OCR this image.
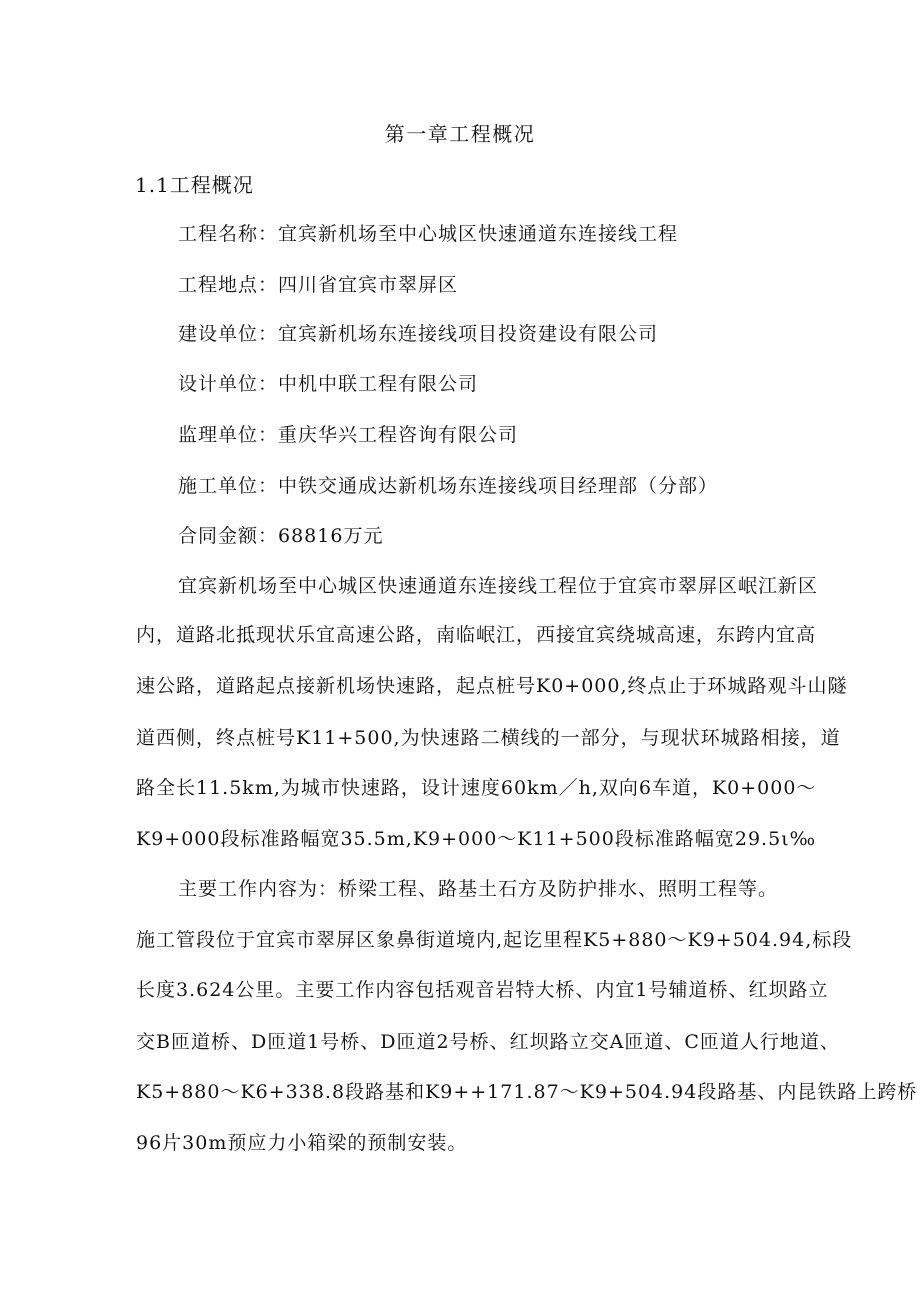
第一章工程概况
1.1工程概况
工程名称：宜宾新机场至中心城区快速通道东连接线工程
工程地点：四川省宜宾市翠屏区
建设单位：宜宾新机场东连接线项目投资建设有限公司
设计单位：中机中联工程有限公司
监理单位：重庆华兴工程咨询有限公司
施工单位：中铁交通成达新机场东连接线项目经理部（分部）
合同金额：68816万元
宜宾新机场至中心城区快速通道东连接线工程位于宜宾市翠屏区岷江新区
内，道路北抵现状乐宜高速公路，南临岷江，西接宜宾绕城高速，东跨内宜高
速公路，道路起点接新机场快速路，起点桩号K0+000,终点止于环城路观斗山隧
道西侧，终点桩号K11+500,为快速路二横线的一部分，与现状环城路相接，道
路全长11.5km,为城市快速路，设计速度60km／h,双向6车道，K0+000～
K9+000段标准路幅宽35.5m,K9+000～K11+500段标准路幅宽29.5ι‰
主要工作内容为：桥梁工程、路基土石方及防护排水、照明工程等。
施工管段位于宜宾市翠屏区象鼻街道境内,起讫里程K5+880～K9+504.94,标段
长度3.624公里。主要工作内容包括观音岩特大桥、内宜1号辅道桥、红坝路立
交B匝道桥、D匝道1号桥、D匝道2号桥、红坝路立交A匝道、C匝道人行地道、
K5+880～K6+338.8段路基和K9++171.87～K9+504.94段路基、内昆铁路上跨桥
96片30m预应力小箱梁的预制安装。
